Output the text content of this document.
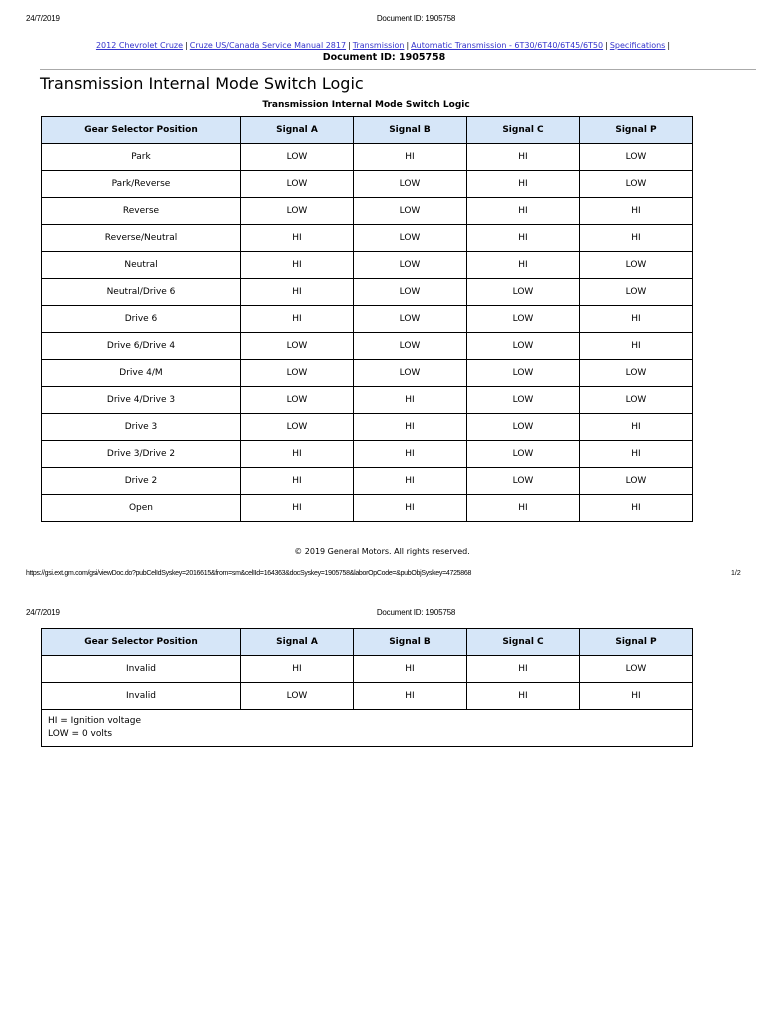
24/7/2019	Document ID: 1905758
2012 Chevrolet Cruze | Cruze US/Canada Service Manual 2817 | Transmission | Automatic Transmission - 6T30/6T40/6T45/6T50 | Specifications |
Document ID: 1905758
Transmission Internal Mode Switch Logic
Transmission Internal Mode Switch Logic
Gear Selector Position	Signal A	Signal B	Signal C	Signal P
Park	LOW	HI	HI	LOW
Park/Reverse	LOW	LOW	HI	LOW
Reverse	LOW	LOW	HI	HI
Reverse/Neutral	HI	LOW	HI	HI
Neutral	HI	LOW	HI	LOW
Neutral/Drive 6	HI	LOW	LOW	LOW
Drive 6	HI	LOW	LOW	HI
Drive 6/Drive 4	LOW	LOW	LOW	HI
Drive 4/M	LOW	LOW	LOW	LOW
Drive 4/Drive 3	LOW	HI	LOW	LOW
Drive 3	LOW	HI	LOW	HI
Drive 3/Drive 2	HI	HI	LOW	HI
Drive 2	HI	HI	LOW	LOW
Open	HI	HI	HI	HI
© 2019 General Motors. All rights reserved.
https://gsi.ext.gm.com/gsi/viewDoc.do?pubCelIdSyskey=2016615&from=sm&celIId=164363&docSyskey=1905758&laborOpCode=&pubObjSyskey=4725868	1/2
24/7/2019	Document ID: 1905758
Gear Selector Position	Signal A	Signal B	Signal C	Signal P
Invalid	HI	HI	HI	LOW
Invalid	LOW	HI	HI	HI

HI = Ignition voltage
LOW = 0 volts				
